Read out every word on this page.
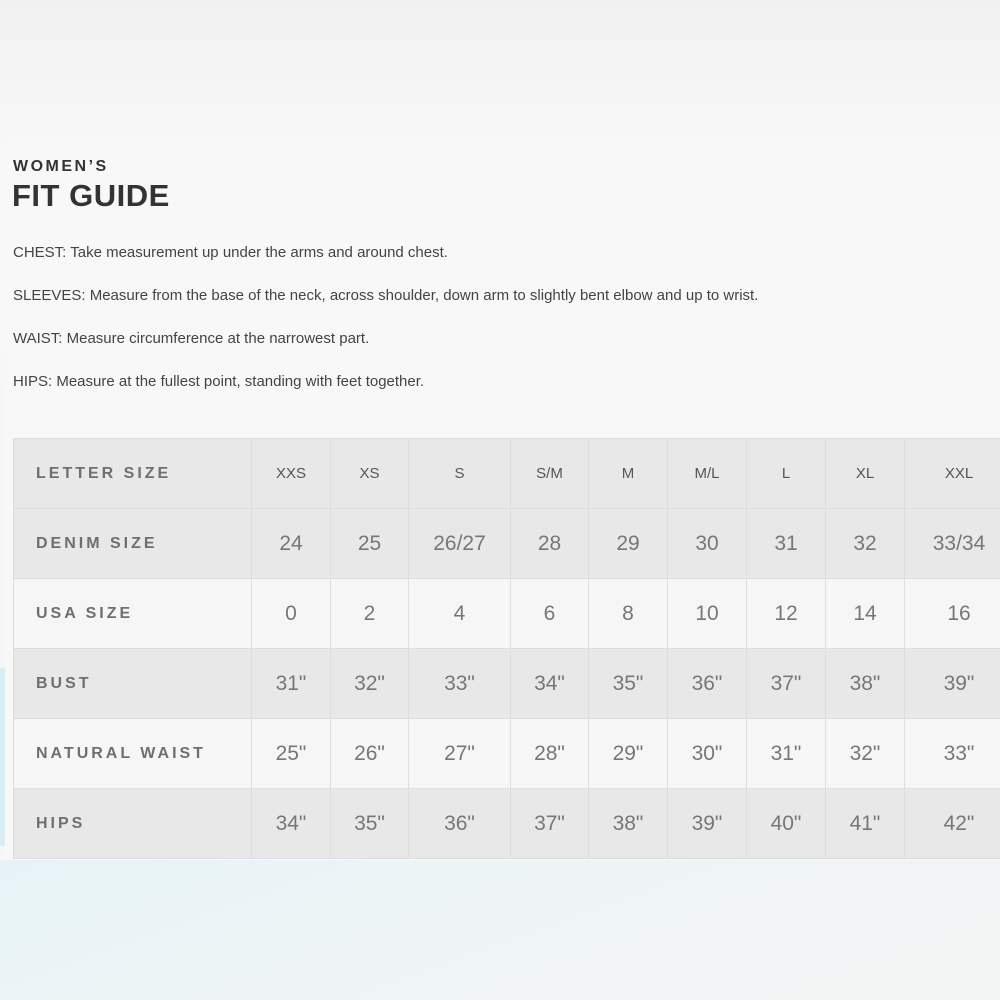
WOMEN’S
FIT GUIDE
CHEST: Take measurement up under the arms and around chest.
SLEEVES: Measure from the base of the neck, across shoulder, down arm to slightly bent elbow and up to wrist.
WAIST: Measure circumference at the narrowest part.
HIPS: Measure at the fullest point, standing with feet together.
LETTER SIZE	XXS	XS	S	S/M	M	M/L	L	XL	XXL
DENIM SIZE	24	25	26/27	28	29	30	31	32	33/34
USA SIZE	0	2	4	6	8	10	12	14	16
BUST	31"	32"	33"	34"	35"	36"	37"	38"	39"
NATURAL WAIST	25"	26"	27"	28"	29"	30"	31"	32"	33"
HIPS	34"	35"	36"	37"	38"	39"	40"	41"	42"
